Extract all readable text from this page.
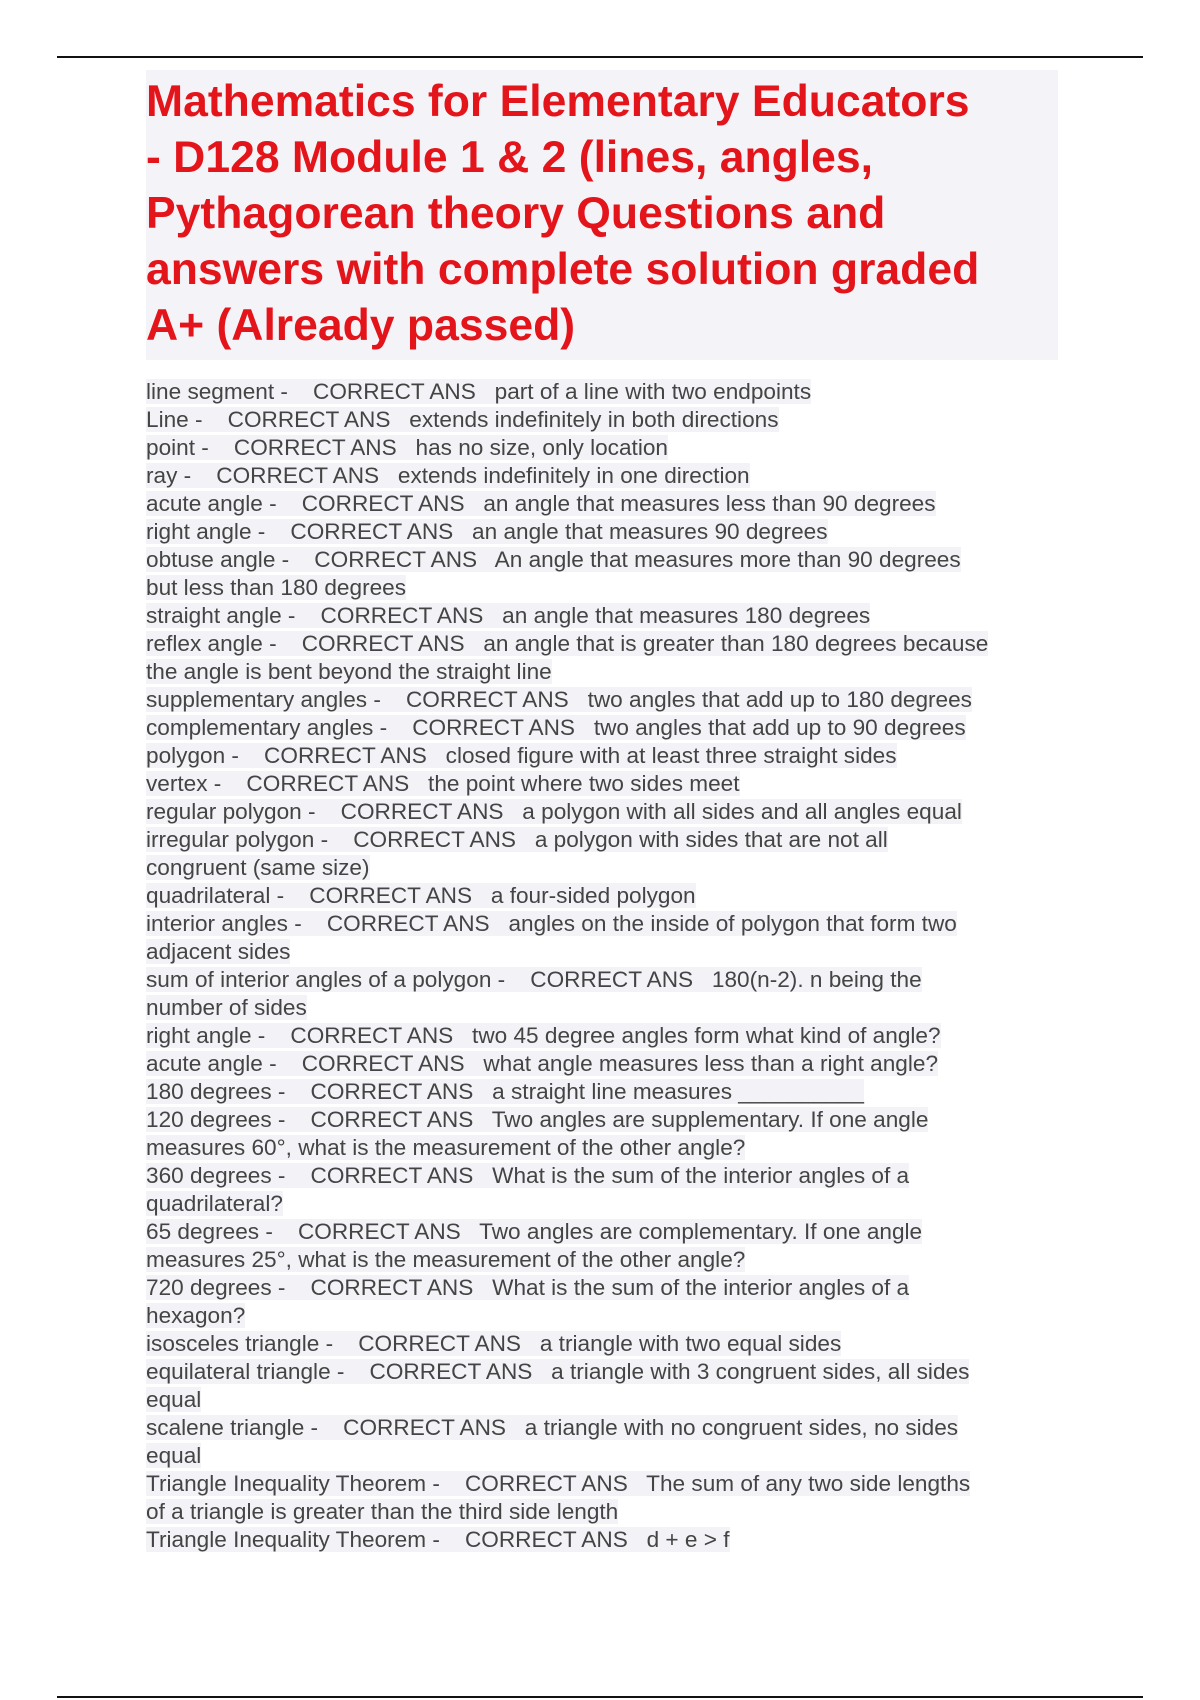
Mathematics for Elementary Educators
- D128 Module 1 & 2 (lines, angles,
Pythagorean theory Questions and
answers with complete solution graded
A+ (Already passed)
line segment -    CORRECT ANS   part of a line with two endpoints
Line -    CORRECT ANS   extends indefinitely in both directions
point -    CORRECT ANS   has no size, only location
ray -    CORRECT ANS   extends indefinitely in one direction
acute angle -    CORRECT ANS   an angle that measures less than 90 degrees
right angle -    CORRECT ANS   an angle that measures 90 degrees
obtuse angle -    CORRECT ANS   An angle that measures more than 90 degrees
but less than 180 degrees
straight angle -    CORRECT ANS   an angle that measures 180 degrees
reflex angle -    CORRECT ANS   an angle that is greater than 180 degrees because
the angle is bent beyond the straight line
supplementary angles -    CORRECT ANS   two angles that add up to 180 degrees
complementary angles -    CORRECT ANS   two angles that add up to 90 degrees
polygon -    CORRECT ANS   closed figure with at least three straight sides
vertex -    CORRECT ANS   the point where two sides meet
regular polygon -    CORRECT ANS   a polygon with all sides and all angles equal
irregular polygon -    CORRECT ANS   a polygon with sides that are not all
congruent (same size)
quadrilateral -    CORRECT ANS   a four-sided polygon
interior angles -    CORRECT ANS   angles on the inside of polygon that form two
adjacent sides
sum of interior angles of a polygon -    CORRECT ANS   180(n-2). n being the
number of sides
right angle -    CORRECT ANS   two 45 degree angles form what kind of angle?
acute angle -    CORRECT ANS   what angle measures less than a right angle?
180 degrees -    CORRECT ANS   a straight line measures __________
120 degrees -    CORRECT ANS   Two angles are supplementary. If one angle
measures 60°, what is the measurement of the other angle?
360 degrees -    CORRECT ANS   What is the sum of the interior angles of a
quadrilateral?
65 degrees -    CORRECT ANS   Two angles are complementary. If one angle
measures 25°, what is the measurement of the other angle?
720 degrees -    CORRECT ANS   What is the sum of the interior angles of a
hexagon?
isosceles triangle -    CORRECT ANS   a triangle with two equal sides
equilateral triangle -    CORRECT ANS   a triangle with 3 congruent sides, all sides
equal
scalene triangle -    CORRECT ANS   a triangle with no congruent sides, no sides
equal
Triangle Inequality Theorem -    CORRECT ANS   The sum of any two side lengths
of a triangle is greater than the third side length
Triangle Inequality Theorem -    CORRECT ANS   d + e > f
